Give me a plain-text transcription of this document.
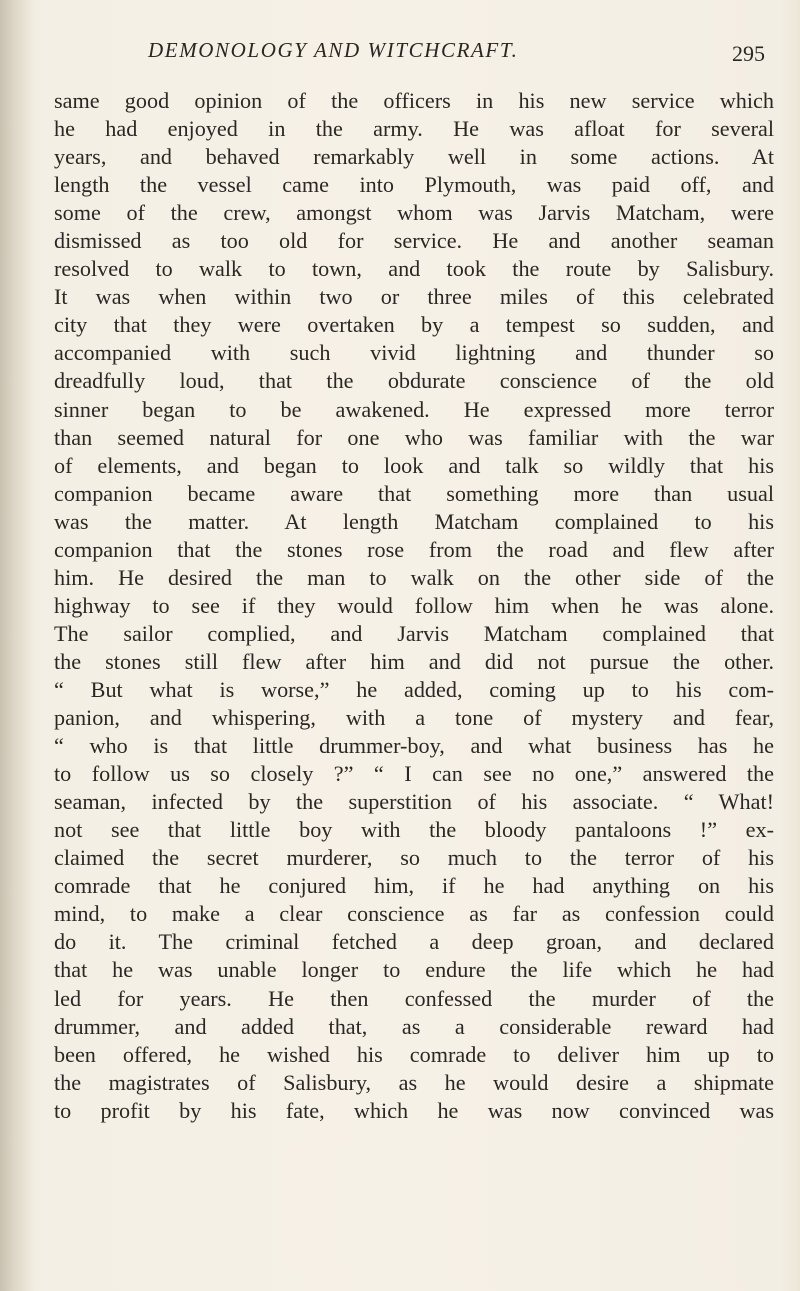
DEMONOLOGY AND WITCHCRAFT.	295
same good opinion of the officers in his new service which
he had enjoyed in the army. He was afloat for several
years, and behaved remarkably well in some actions. At
length the vessel came into Plymouth, was paid off, and
some of the crew, amongst whom was Jarvis Matcham, were
dismissed as too old for service. He and another seaman
resolved to walk to town, and took the route by Salisbury.
It was when within two or three miles of this celebrated
city that they were overtaken by a tempest so sudden, and
accompanied with such vivid lightning and thunder so
dreadfully loud, that the obdurate conscience of the old
sinner began to be awakened. He expressed more terror
than seemed natural for one who was familiar with the war
of elements, and began to look and talk so wildly that his
companion became aware that something more than usual
was the matter. At length Matcham complained to his
companion that the stones rose from the road and flew after
him. He desired the man to walk on the other side of the
highway to see if they would follow him when he was alone.
The sailor complied, and Jarvis Matcham complained that
the stones still flew after him and did not pursue the other.
“ But what is worse,” he added, coming up to his com-
panion, and whispering, with a tone of mystery and fear,
“ who is that little drummer-boy, and what business has he
to follow us so closely ?” “ I can see no one,” answered the
seaman, infected by the superstition of his associate. “ What!
not see that little boy with the bloody pantaloons !” ex-
claimed the secret murderer, so much to the terror of his
comrade that he conjured him, if he had anything on his
mind, to make a clear conscience as far as confession could
do it. The criminal fetched a deep groan, and declared
that he was unable longer to endure the life which he had
led for years. He then confessed the murder of the
drummer, and added that, as a considerable reward had
been offered, he wished his comrade to deliver him up to
the magistrates of Salisbury, as he would desire a shipmate
to profit by his fate, which he was now convinced was
